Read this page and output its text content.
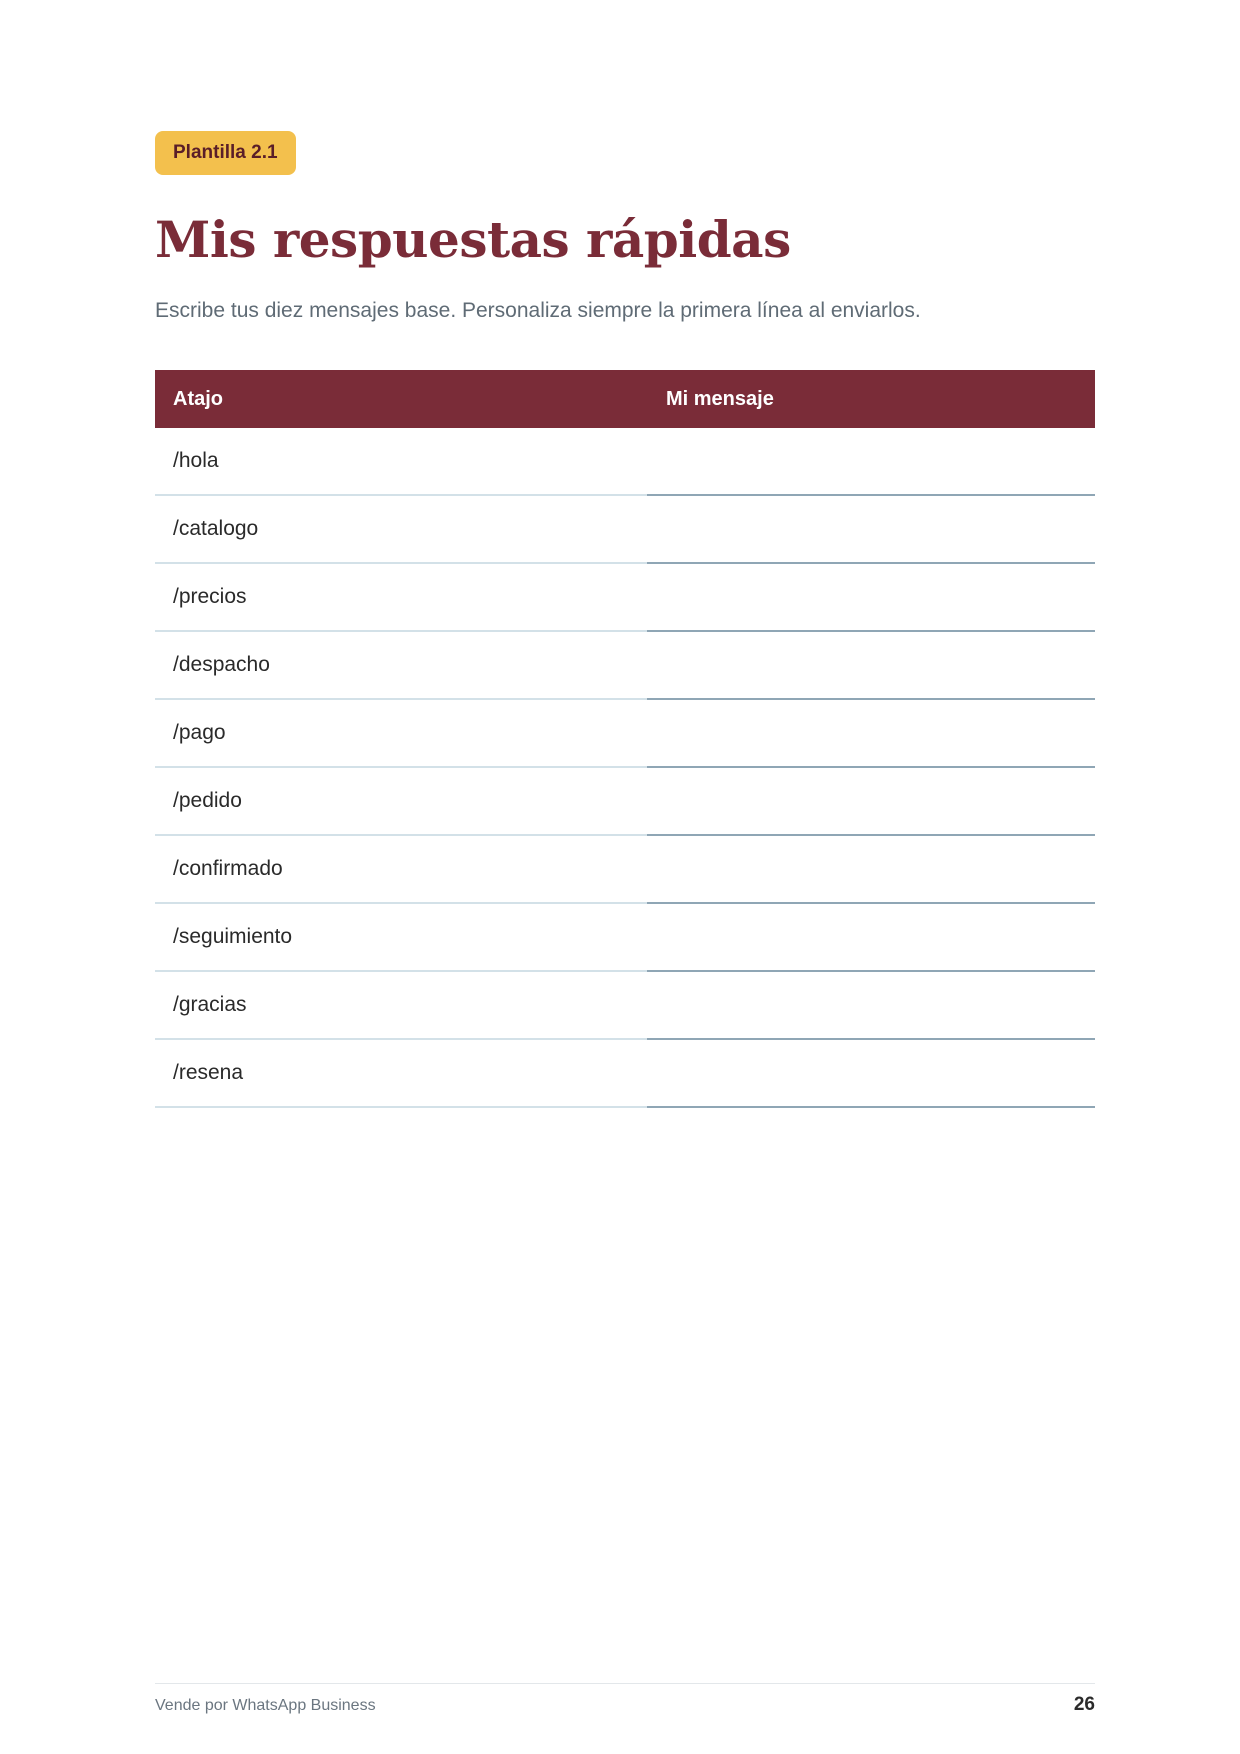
Plantilla 2.1
Mis respuestas rápidas

Escribe tus diez mensajes base. Personaliza siempre la primera línea al enviarlos.

Atajo	Mi mensaje
/hola
/catalogo
/precios
/despacho
/pago
/pedido
/confirmado
/seguimiento
/gracias
/resena
Vende por WhatsApp Business	26
